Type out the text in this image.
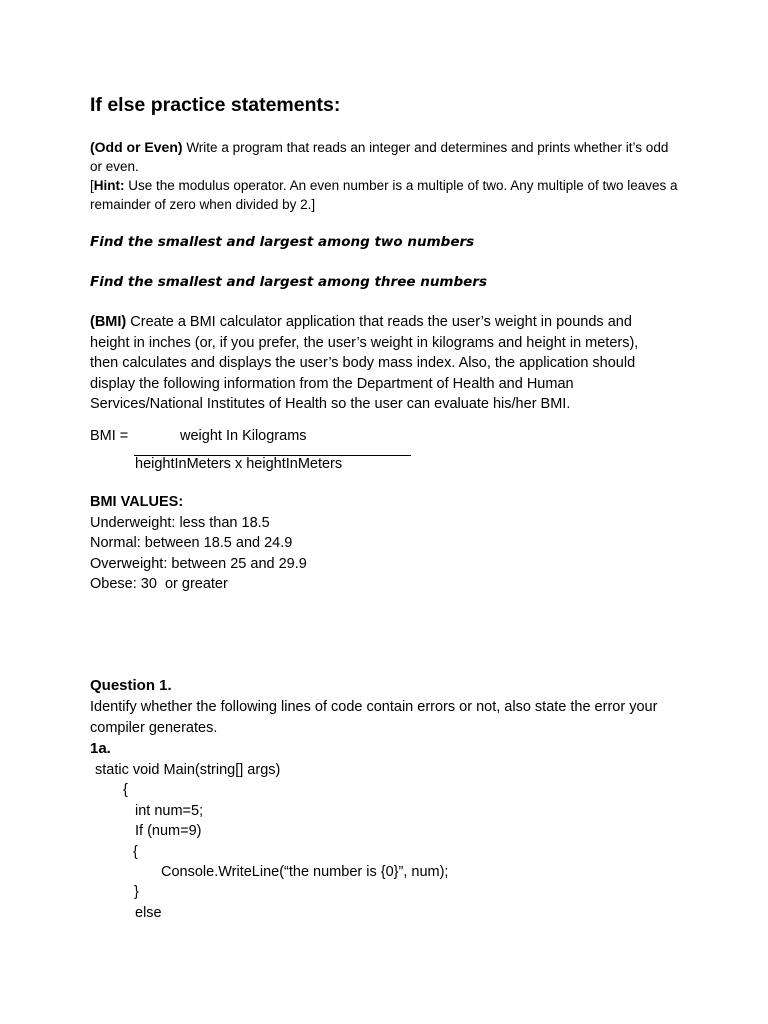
If else practice statements:

(Odd or Even) Write a program that reads an integer and determines and prints whether it’s odd or even.
[Hint: Use the modulus operator. An even number is a multiple of two. Any multiple of two leaves a remainder of zero when divided by 2.]

Find the smallest and largest among two numbers

Find the smallest and largest among three numbers

(BMI) Create a BMI calculator application that reads the user’s weight in pounds and height in inches (or, if you prefer, the user’s weight in kilograms and height in meters), then calculates and displays the user’s body mass index. Also, the application should display the following information from the Department of Health and Human Services/National Institutes of Health so the user can evaluate his/her BMI.

BMI =	weight In Kilograms
heightInMeters x heightInMeters
BMI VALUES:
Underweight: less than 18.5
Normal: between 18.5 and 24.9
Overweight: between 25 and 29.9
Obese: 30  or greater
Question 1.

Identify whether the following lines of code contain errors or not, also state the error your compiler generates.

1a.
static void Main(string[] args)
{
int num=5;
If (num=9)
{
Console.WriteLine(“the number is {0}”, num);
}
else
